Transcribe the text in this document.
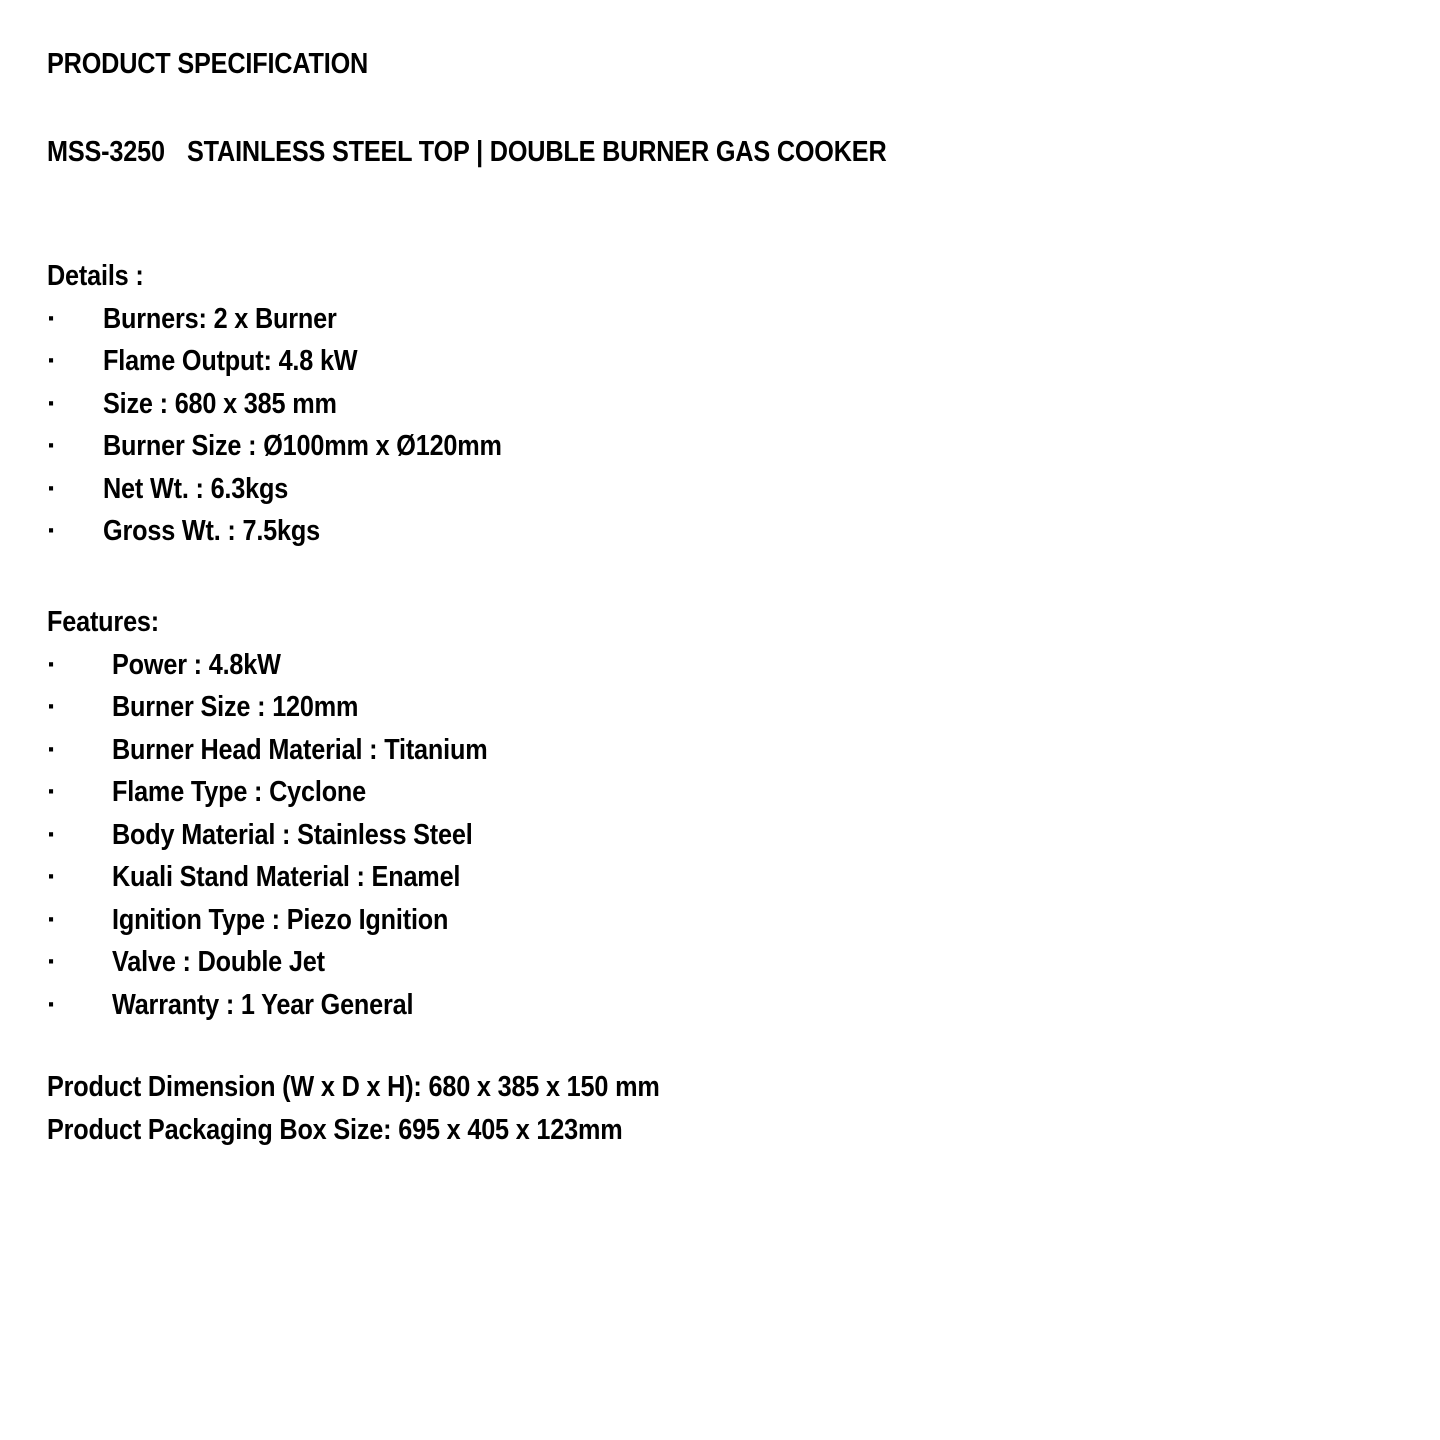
PRODUCT SPECIFICATION
MSS-3250 STAINLESS STEEL TOP | DOUBLE BURNER GAS COOKER
Details :
·	Burners: 2 x Burner
·	Flame Output: 4.8 kW
·	Size : 680 x 385 mm
·	Burner Size : Ø100mm x Ø120mm
·	Net Wt. : 6.3kgs
·	Gross Wt. : 7.5kgs
Features:
·	Power : 4.8kW
·	Burner Size : 120mm
·	Burner Head Material : Titanium
·	Flame Type : Cyclone
·	Body Material : Stainless Steel
·	Kuali Stand Material : Enamel
·	Ignition Type : Piezo Ignition
·	Valve : Double Jet
·	Warranty : 1 Year General
Product Dimension (W x D x H): 680 x 385 x 150 mm Product Packaging Box Size: 695 x 405 x 123mm
